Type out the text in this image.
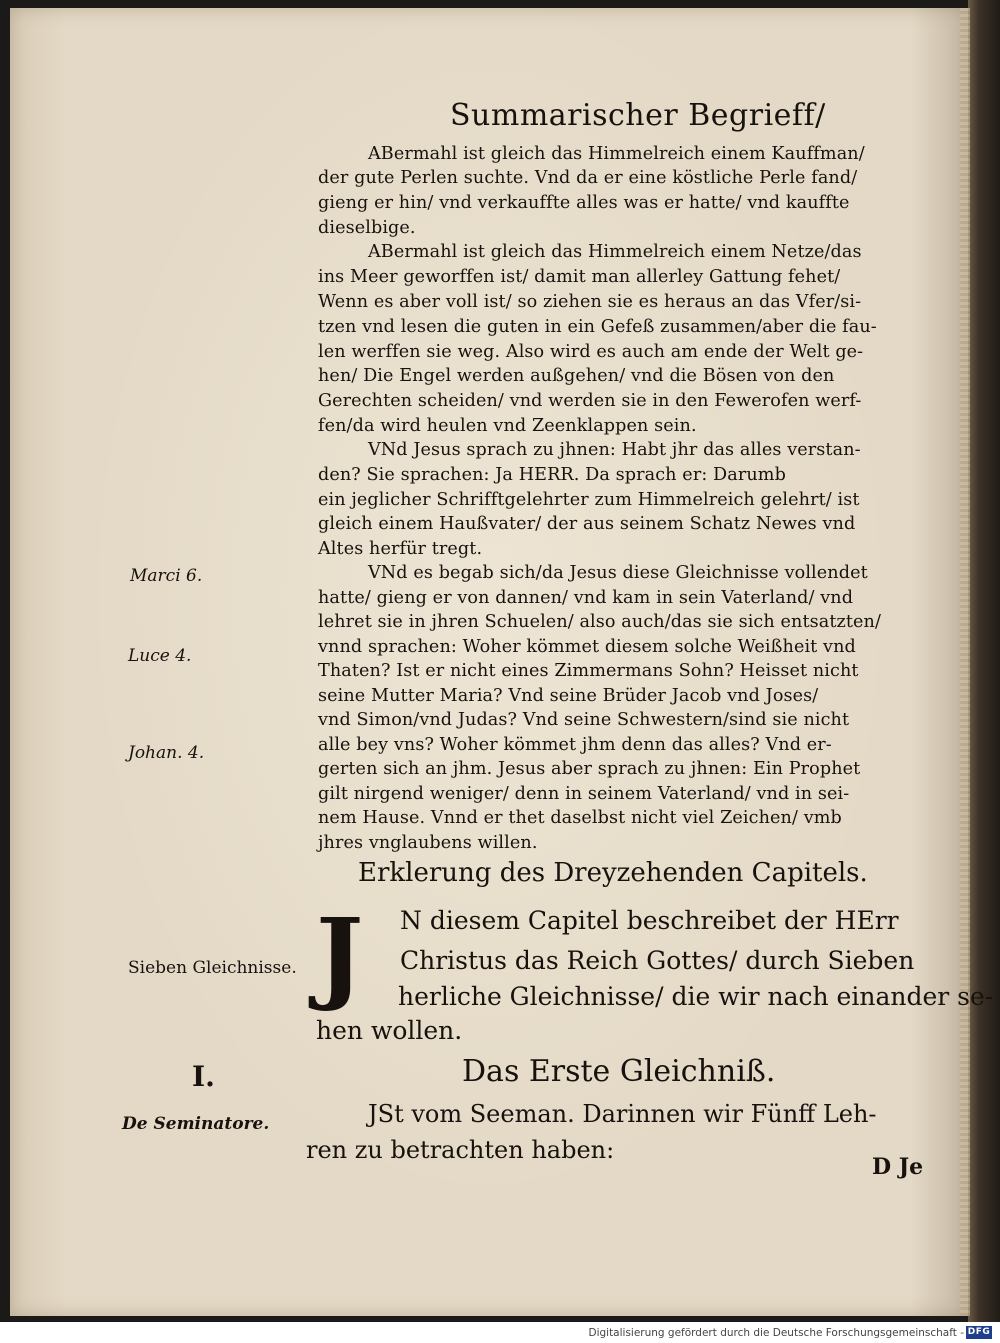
Summarischer Begrieff/
ABermahl ist gleich das Himmelreich einem Kauffman/
der gute Perlen suchte. Vnd da er eine köstliche Perle fand/
gieng er hin/ vnd verkauffte alles was er hatte/ vnd kauffte
dieselbige.
ABermahl ist gleich das Himmelreich einem Netze/das
ins Meer geworffen ist/ damit man allerley Gattung fehet/
Wenn es aber voll ist/ so ziehen sie es heraus an das Vfer/si-
tzen vnd lesen die guten in ein Gefeß zusammen/aber die fau-
len werffen sie weg. Also wird es auch am ende der Welt ge-
hen/ Die Engel werden außgehen/ vnd die Bösen von den
Gerechten scheiden/ vnd werden sie in den Fewerofen werf-
fen/da wird heulen vnd Zeenklappen sein.
VNd Jesus sprach zu jhnen: Habt jhr das alles verstan-
den? Sie sprachen: Ja HERR. Da sprach er: Darumb
ein jeglicher Schrifftgelehrter zum Himmelreich gelehrt/ ist
gleich einem Haußvater/ der aus seinem Schatz Newes vnd
Altes herfür tregt.
VNd es begab sich/da Jesus diese Gleichnisse vollendet
hatte/ gieng er von dannen/ vnd kam in sein Vaterland/ vnd
lehret sie in jhren Schuelen/ also auch/das sie sich entsatzten/
vnnd sprachen: Woher kömmet diesem solche Weißheit vnd
Thaten? Ist er nicht eines Zimmermans Sohn? Heisset nicht
seine Mutter Maria? Vnd seine Brüder Jacob vnd Joses/
vnd Simon/vnd Judas? Vnd seine Schwestern/sind sie nicht
alle bey vns? Woher kömmet jhm denn das alles? Vnd er-
gerten sich an jhm. Jesus aber sprach zu jhnen: Ein Prophet
gilt nirgend weniger/ denn in seinem Vaterland/ vnd in sei-
nem Hause. Vnnd er thet daselbst nicht viel Zeichen/ vmb
jhres vnglaubens willen.
Marci 6.
Luce 4.
Johan. 4.
Erklerung des Dreyzehenden Capitels.
J N diesem Capitel beschreibet der HErr
Christus das Reich Gottes/ durch Sieben
herliche Gleichnisse/ die wir nach einander se-
hen wollen.
Sieben Gleichnisse.
I.	Das Erste Gleichniß.
De Seminatore.	JSt vom Seeman. Darinnen wir Fünff Leh-
ren zu betrachten haben:
D Je
Digitalisierung gefördert durch die Deutsche Forschungsgemeinschaft - DFG
